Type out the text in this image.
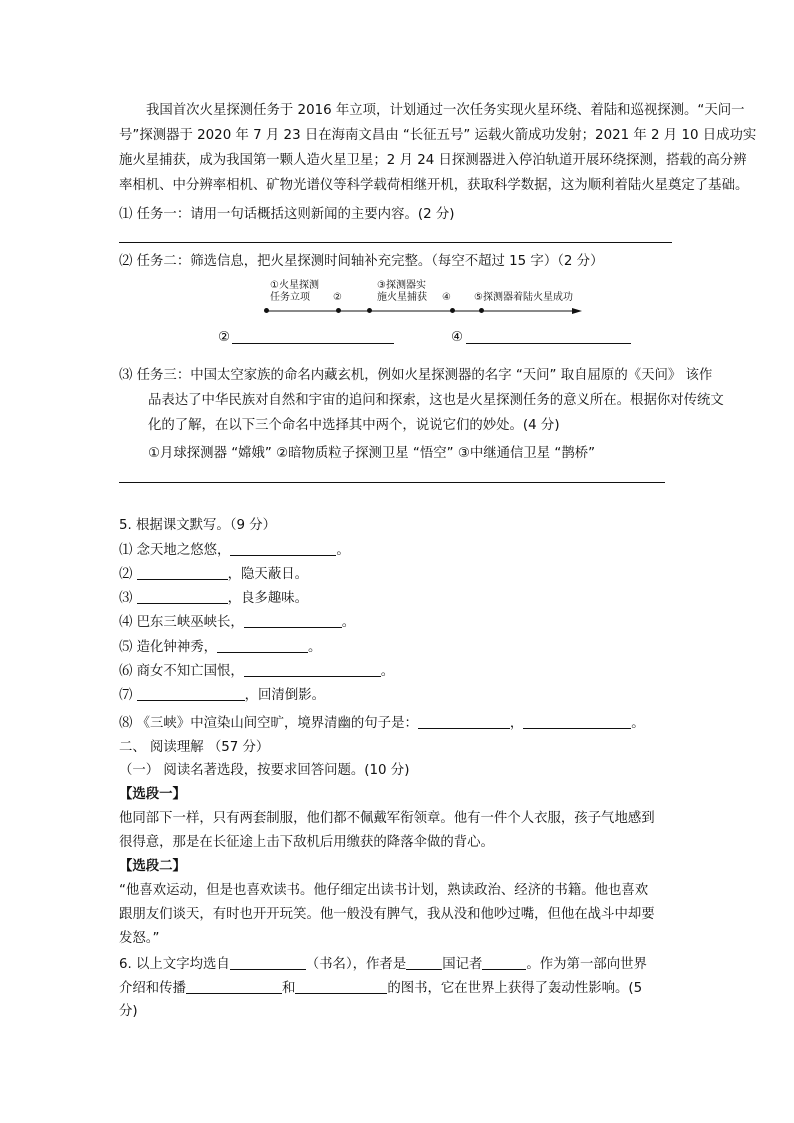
我国首次火星探测任务于 2016 年立项，计划通过一次任务实现火星环绕、着陆和巡视探测。“天问一
号”探测器于 2020 年 7 月 23 日在海南文昌由 “长征五号” 运载火箭成功发射；2021 年 2 月 10 日成功实
施火星捕获，成为我国第一颗人造火星卫星；2 月 24 日探测器进入停泊轨道开展环绕探测，搭载的高分辨
率相机、中分辨率相机、矿物光谱仪等科学载荷相继开机，获取科学数据，这为顺利着陆火星奠定了基础。
⑴ 任务一：请用一句话概括这则新闻的主要内容。(2 分)
⑵ 任务二：筛选信息，把火星探测时间轴补充完整。（每空不超过 15 字）（2 分）
①火星探测
任务立项 ②
③探测器实
施火星捕获 ④ ⑤探测器着陆火星成功
②	④
⑶ 任务三：中国太空家族的命名内藏玄机，例如火星探测器的名字 “天问” 取自屈原的《天问》 该作
品表达了中华民族对自然和宇宙的追问和探索，这也是火星探测任务的意义所在。根据你对传统文
化的了解，在以下三个命名中选择其中两个，说说它们的妙处。(4 分)
①月球探测器 “嫦娥” ②暗物质粒子探测卫星 “悟空” ③中继通信卫星 “鹊桥”
5. 根据课文默写。（9 分）
⑴ 念天地之悠悠，	。
⑵	，隐天蔽日。
⑶	，良多趣味。
⑷ 巴东三峡巫峡长，	。
⑸ 造化钟神秀，	。
⑹ 商女不知亡国恨，	。
⑺	，回清倒影。
⑻ 《三峡》中渲染山间空旷，境界清幽的句子是：	，	。
二、 阅读理解 （57 分）
（一） 阅读名著选段，按要求回答问题。(10 分)
【选段一】
他同部下一样，只有两套制服，他们都不佩戴军衔领章。他有一件个人衣服，孩子气地感到
很得意，那是在长征途上击下敌机后用缴获的降落伞做的背心。
【选段二】
“他喜欢运动，但是也喜欢读书。他仔细定出读书计划，熟读政治、经济的书籍。他也喜欢
跟朋友们谈天，有时也开开玩笑。他一般没有脾气，我从没和他吵过嘴，但他在战斗中却要
发怒。”
6. 以上文字均选自	（书名），作者是	国记者	。作为第一部向世界
介绍和传播	和	的图书，它在世界上获得了轰动性影响。(5
分)
